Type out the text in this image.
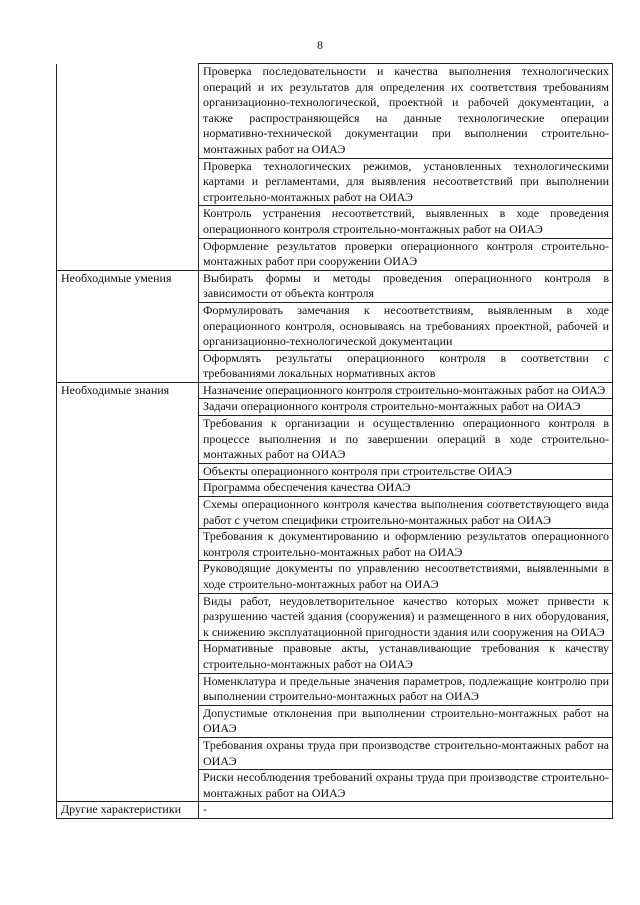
8
	Проверка последовательности и качества выполнения технологических операций и их результатов для определения их соответствия требованиям организационно-технологической, проектной и рабочей документации, а также распространяющейся на данные технологические операции нормативно-технической документации при выполнении строительно-монтажных работ на ОИАЭ
	Проверка технологических режимов, установленных технологическими картами и регламентами, для выявления несоответствий при выполнении строительно-монтажных работ на ОИАЭ
	Контроль устранения несоответствий, выявленных в ходе проведения операционного контроля строительно-монтажных работ на ОИАЭ
	Оформление результатов проверки операционного контроля строительно-монтажных работ при сооружении ОИАЭ
Необходимые умения	Выбирать формы и методы проведения операционного контроля в зависимости от объекта контроля
	Формулировать замечания к несоответствиям, выявленным в ходе операционного контроля, основываясь на требованиях проектной, рабочей и организационно-технологической документации
	Оформлять результаты операционного контроля в соответствии с требованиями локальных нормативных актов
Необходимые знания	Назначение операционного контроля строительно-монтажных работ на ОИАЭ
	Задачи операционного контроля строительно-монтажных работ на ОИАЭ
	Требования к организации и осуществлению операционного контроля в процессе выполнения и по завершении операций в ходе строительно-монтажных работ на ОИАЭ
	Объекты операционного контроля при строительстве ОИАЭ
	Программа обеспечения качества ОИАЭ
	Схемы операционного контроля качества выполнения соответствующего вида работ с учетом специфики строительно-монтажных работ на ОИАЭ
	Требования к документированию и оформлению результатов операционного контроля строительно-монтажных работ на ОИАЭ
	Руководящие документы по управлению несоответствиями, выявленными в ходе строительно-монтажных работ на ОИАЭ
	Виды работ, неудовлетворительное качество которых может привести к разрушению частей здания (сооружения) и размещенного в них оборудования, к снижению эксплуатационной пригодности здания или сооружения на ОИАЭ
	Нормативные правовые акты, устанавливающие требования к качеству строительно-монтажных работ на ОИАЭ
	Номенклатура и предельные значения параметров, подлежащие контролю при выполнении строительно-монтажных работ на ОИАЭ
	Допустимые отклонения при выполнении строительно-монтажных работ на ОИАЭ
	Требования охраны труда при производстве строительно-монтажных работ на ОИАЭ
	Риски несоблюдения требований охраны труда при производстве строительно-монтажных работ на ОИАЭ
Другие характеристики	-
